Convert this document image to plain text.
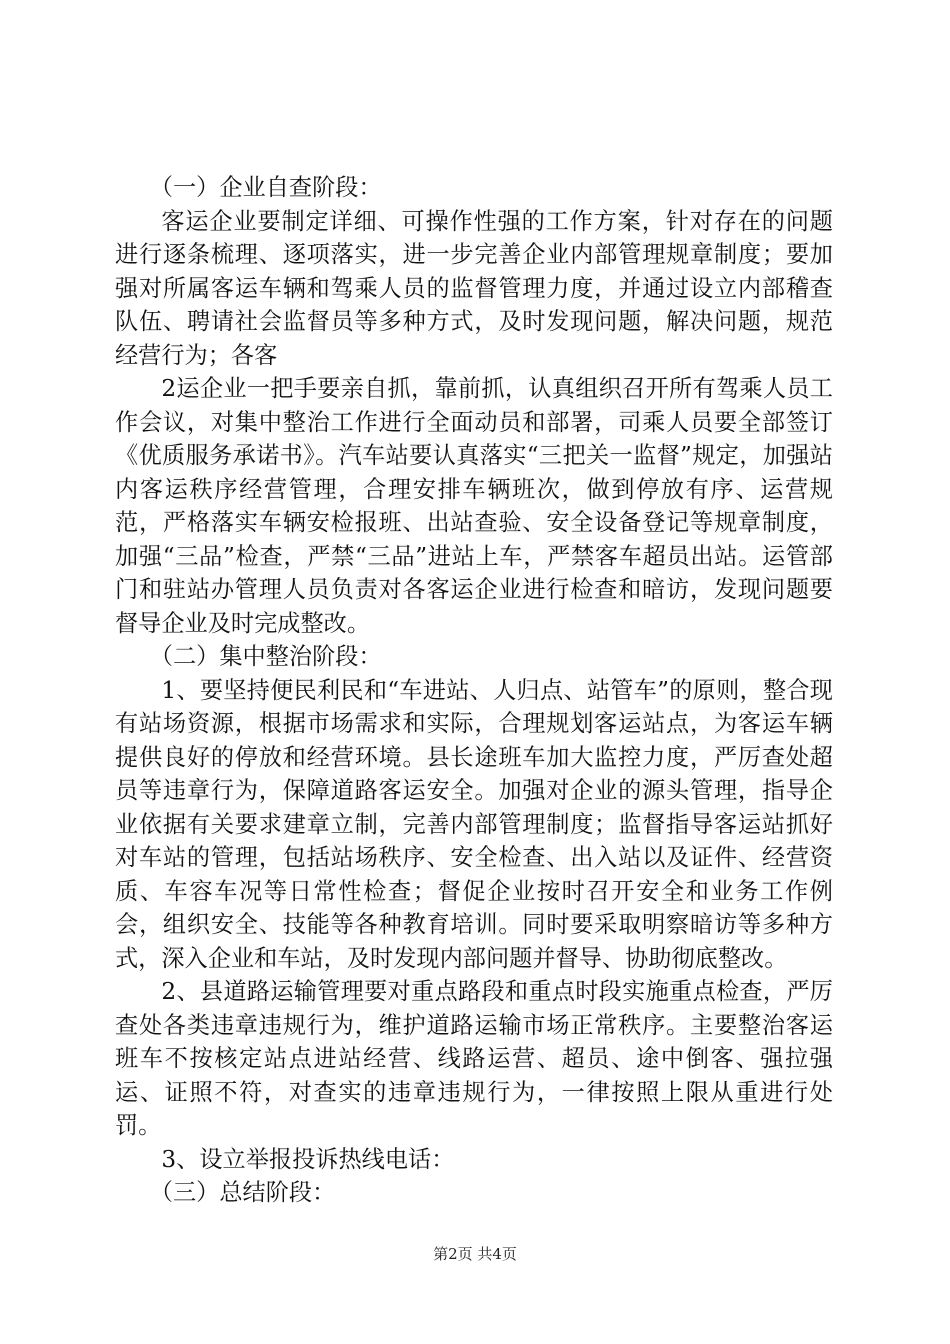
（一）企业自查阶段：

客运企业要制定详细、可操作性强的工作方案，针对存在的问题进行逐条梳理、逐项落实，进一步完善企业内部管理规章制度；要加强对所属客运车辆和驾乘人员的监督管理力度，并通过设立内部稽查队伍、聘请社会监督员等多种方式，及时发现问题，解决问题，规范经营行为；各客

2运企业一把手要亲自抓，靠前抓，认真组织召开所有驾乘人员工作会议，对集中整治工作进行全面动员和部署，司乘人员要全部签订《优质服务承诺书》。汽车站要认真落实“三把关一监督”规定，加强站内客运秩序经营管理，合理安排车辆班次，做到停放有序、运营规范，严格落实车辆安检报班、出站查验、安全设备登记等规章制度，加强“三品”检查，严禁“三品”进站上车，严禁客车超员出站。运管部门和驻站办管理人员负责对各客运企业进行检查和暗访，发现问题要督导企业及时完成整改。

（二）集中整治阶段：

1、要坚持便民利民和“车进站、人归点、站管车”的原则，整合现有站场资源，根据市场需求和实际，合理规划客运站点，为客运车辆提供良好的停放和经营环境。县长途班车加大监控力度，严厉查处超员等违章行为，保障道路客运安全。加强对企业的源头管理，指导企业依据有关要求建章立制，完善内部管理制度；监督指导客运站抓好对车站的管理，包括站场秩序、安全检查、出入站以及证件、经营资质、车容车况等日常性检查；督促企业按时召开安全和业务工作例会，组织安全、技能等各种教育培训。同时要采取明察暗访等多种方式，深入企业和车站，及时发现内部问题并督导、协助彻底整改。

2、县道路运输管理要对重点路段和重点时段实施重点检查，严厉查处各类违章违规行为，维护道路运输市场正常秩序。主要整治客运班车不按核定站点进站经营、线路运营、超员、途中倒客、强拉强运、证照不符，对查实的违章违规行为，一律按照上限从重进行处罚。

3、设立举报投诉热线电话：

（三）总结阶段：

第2页 共4页
